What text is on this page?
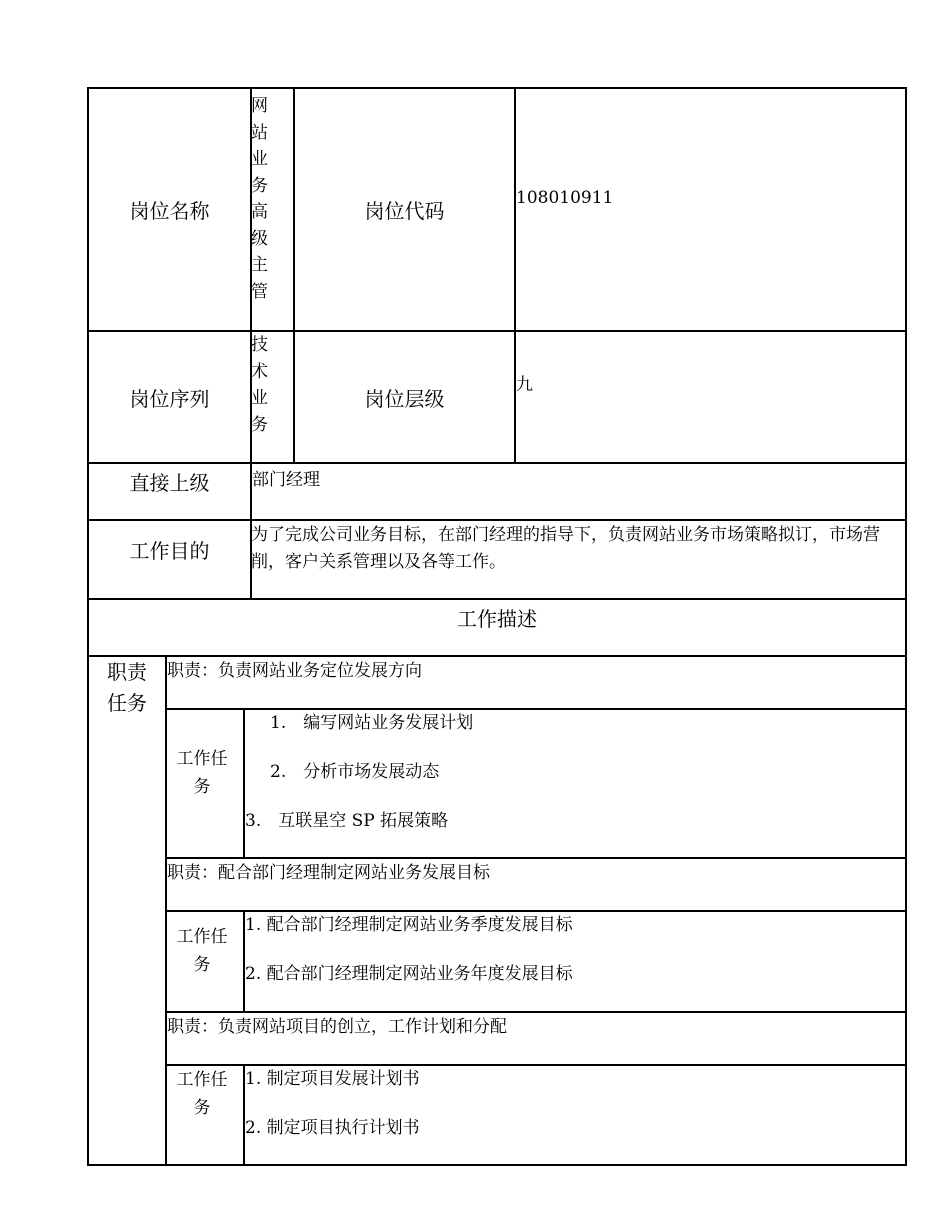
岗位名称
网站业务高级主管
岗位代码
108010911
岗位序列
技术业务
岗位层级
九
直接上级	部门经理
工作目的
为了完成公司业务目标，在部门经理的指导下，负责网站业务市场策略拟订，市场营削，客户关系管理以及各等工作。
工作描述
职责任务
职责：负责网站业务定位发展方向
工作任务
1.　编写网站业务发展计划
2.　分析市场发展动态
3.　互联星空 SP 拓展策略
职责：配合部门经理制定网站业务发展目标
工作任务
1. 配合部门经理制定网站业务季度发展目标
2. 配合部门经理制定网站业务年度发展目标
职责：负责网站项目的创立，工作计划和分配
工作任务
1. 制定项目发展计划书
2. 制定项目执行计划书
